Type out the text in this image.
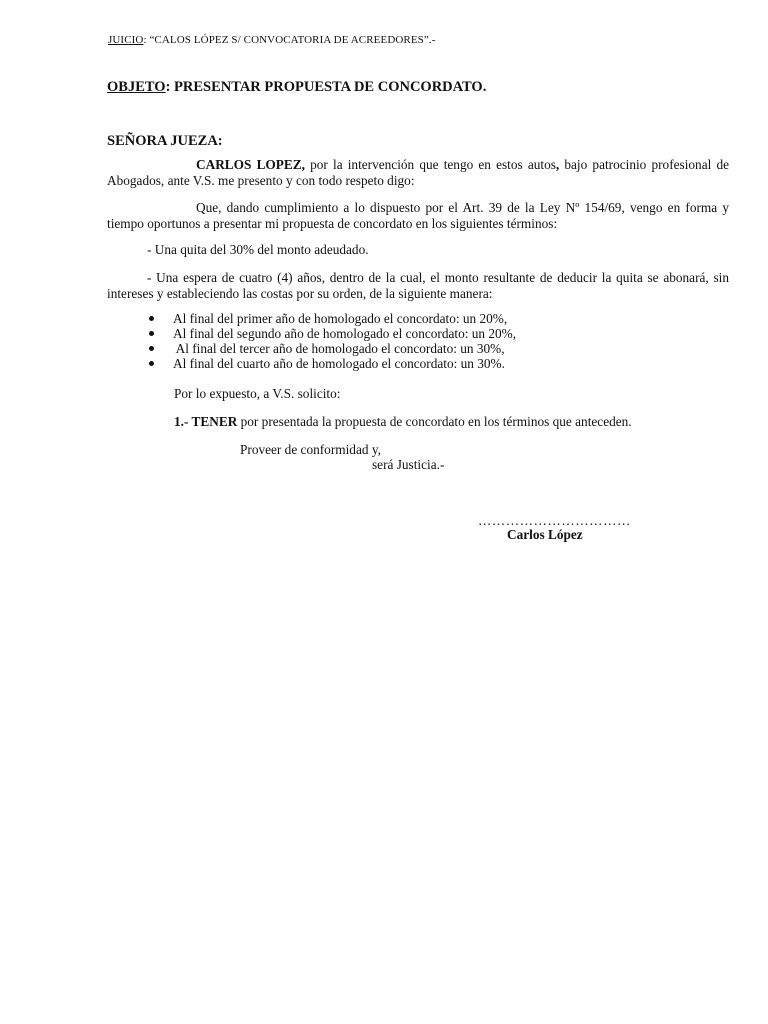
JUICIO: “CALOS LÓPEZ S/ CONVOCATORIA DE ACREEDORES”.-
OBJETO: PRESENTAR PROPUESTA DE CONCORDATO.
SEÑORA JUEZA:
CARLOS LOPEZ, por la intervención que tengo en estos autos, bajo patrocinio profesional de Abogados, ante V.S. me presento y con todo respeto digo:
Que, dando cumplimiento a lo dispuesto por el Art. 39 de la Ley Nº 154/69, vengo en forma y tiempo oportunos a presentar mi propuesta de concordato en los siguientes términos:
- Una quita del 30% del monto adeudado.
- Una espera de cuatro (4) años, dentro de la cual, el monto resultante de deducir la quita se abonará, sin intereses y estableciendo las costas por su orden, de la siguiente manera:
Al final del primer año de homologado el concordato: un 20%,
Al final del segundo año de homologado el concordato: un 20%,
Al final del tercer año de homologado el concordato: un 30%,
Al final del cuarto año de homologado el concordato: un 30%.
Por lo expuesto, a V.S. solicito:
1.- TENER por presentada la propuesta de concordato en los términos que anteceden.
Proveer de conformidad y,
será Justicia.-
……………………………
Carlos López
